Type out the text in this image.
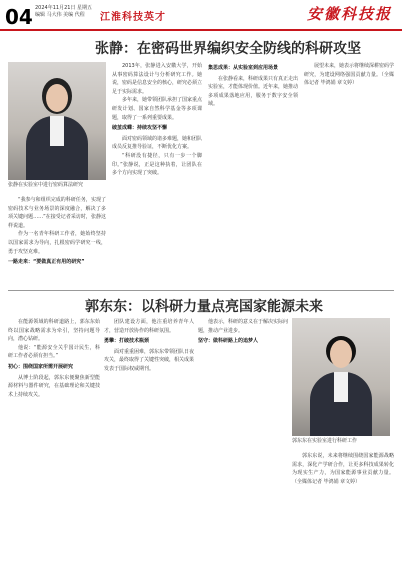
04 2024年11月21日 星期五
编辑 马大伟 美编 代程	江淮科技英才	安徽科技报
张静：在密码世界编织安全防线的科研攻坚
张静在实验室中进行密码算法研究

“我参与和组织完成的科研任务，实现了密码技术与业务场景的深度融合，解决了多项关键问题……”在接受记者采访时，张静这样说道。

作为一名青年科研工作者，她始终坚持以国家需求为导向，扎根密码学研究一线，勇于攻坚克难。

一路走来：“要做真正有用的研究”

2013年，张静进入安徽大学，开始从事密码算法设计与分析研究工作。她说，密码是信息安全的核心，研究必须立足于实际需求。

多年来，她带领团队承担了国家重点研发计划、国家自然科学基金等多项课题，取得了一系列重要成果。

破茧成蝶：持续攻坚不懈

面对密码领域的诸多难题，她和团队成员反复推导验证，不断优化方案。

“科研没有捷径，只有一步一个脚印。”张静说，正是这种执着，让团队在多个方向实现了突破。

集思成果：从实验室到应用场景

在张静看来，科研成果只有真正走出实验室，才能体现价值。近年来，她推动多项成果落地应用，服务于数字安全领域。

展望未来，她表示将继续深耕密码学研究，为建设网络强国贡献力量。（全媒体记者 毕鸿娟 章文婷）

郭东东：以科研力量点亮国家能源未来

在能源领域的科研道路上，郭东东始终以国家战略需求为牵引，坚持问题导向，潜心钻研。

他说：“能源安全关乎国计民生，科研工作者必须有担当。”

初心：围绕国家所需开展研究

从博士阶段起，郭东东便聚焦新型能源材料与器件研究，在基础理论和关键技术上持续攻关。

团队建设方面，他注重培养青年人才，营造开放协作的科研氛围。

勇攀：打破技术瓶颈

面对重重困难，郭东东带领团队日夜攻关，最终取得了关键性突破，相关成果发表于国际权威期刊。

他表示，科研的意义在于解决实际问题，推动产业进步。

坚守：做科研路上的追梦人

郭东东在实验室进行科研工作

郭东东说，未来将继续围绕国家能源战略需求，深化产学研合作，让更多科技成果转化为现实生产力，为国家能源事业贡献力量。（全媒体记者 毕鸿娟 章文婷）
